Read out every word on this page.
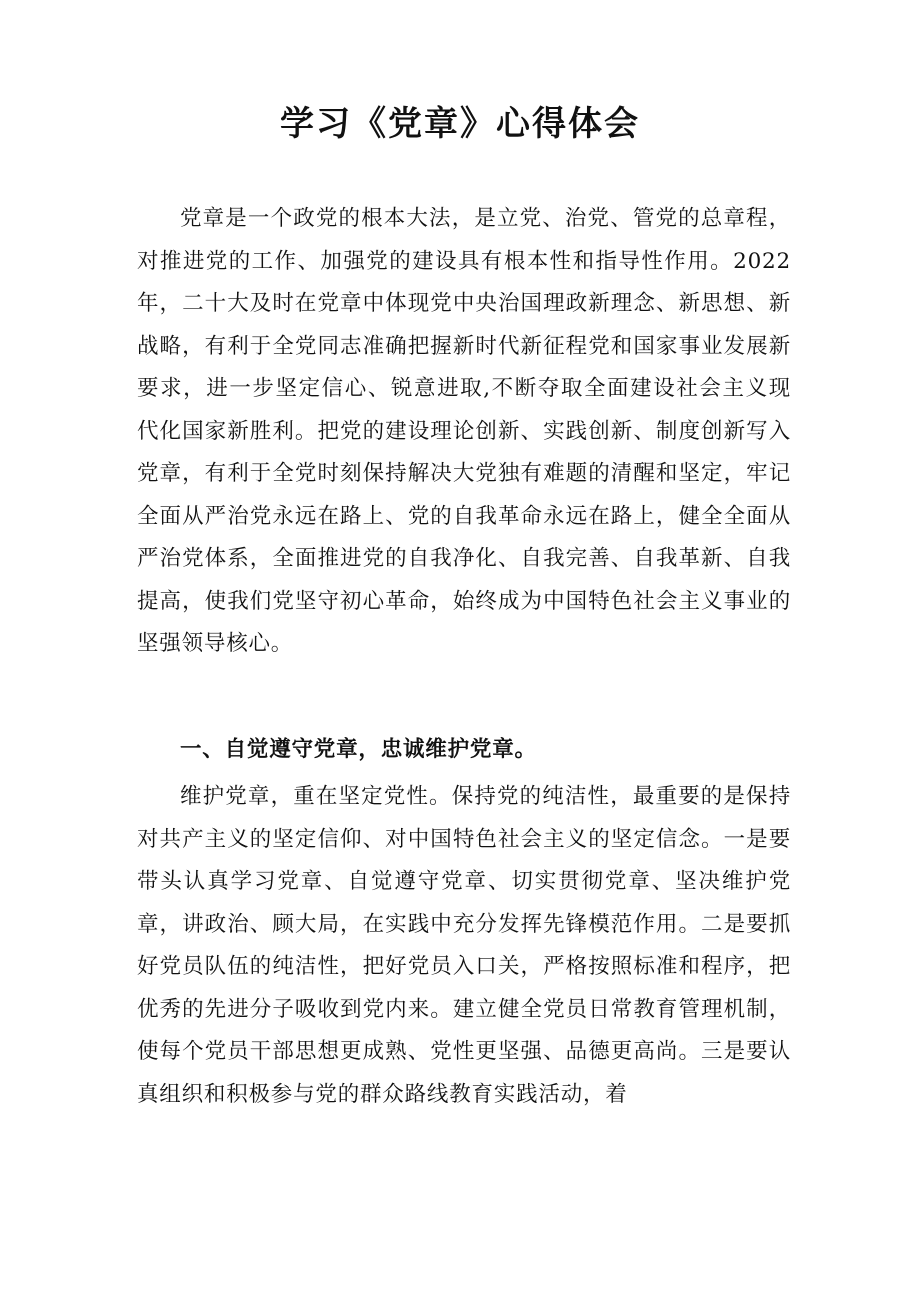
学习《党章》心得体会

党章是一个政党的根本大法，是立党、治党、管党的总章程，对推进党的工作、加强党的建设具有根本性和指导性作用。2022年，二十大及时在党章中体现党中央治国理政新理念、新思想、新战略，有利于全党同志准确把握新时代新征程党和国家事业发展新要求，进一步坚定信心、锐意进取,不断夺取全面建设社会主义现代化国家新胜利。把党的建设理论创新、实践创新、制度创新写入党章，有利于全党时刻保持解决大党独有难题的清醒和坚定，牢记全面从严治党永远在路上、党的自我革命永远在路上，健全全面从严治党体系，全面推进党的自我净化、自我完善、自我革新、自我提高，使我们党坚守初心革命，始终成为中国特色社会主义事业的坚强领导核心。

一、自觉遵守党章，忠诚维护党章。

维护党章，重在坚定党性。保持党的纯洁性，最重要的是保持对共产主义的坚定信仰、对中国特色社会主义的坚定信念。一是要带头认真学习党章、自觉遵守党章、切实贯彻党章、坚决维护党章，讲政治、顾大局，在实践中充分发挥先锋模范作用。二是要抓好党员队伍的纯洁性，把好党员入口关，严格按照标准和程序，把优秀的先进分子吸收到党内来。建立健全党员日常教育管理机制，使每个党员干部思想更成熟、党性更坚强、品德更高尚。三是要认真组织和积极参与党的群众路线教育实践活动，着
